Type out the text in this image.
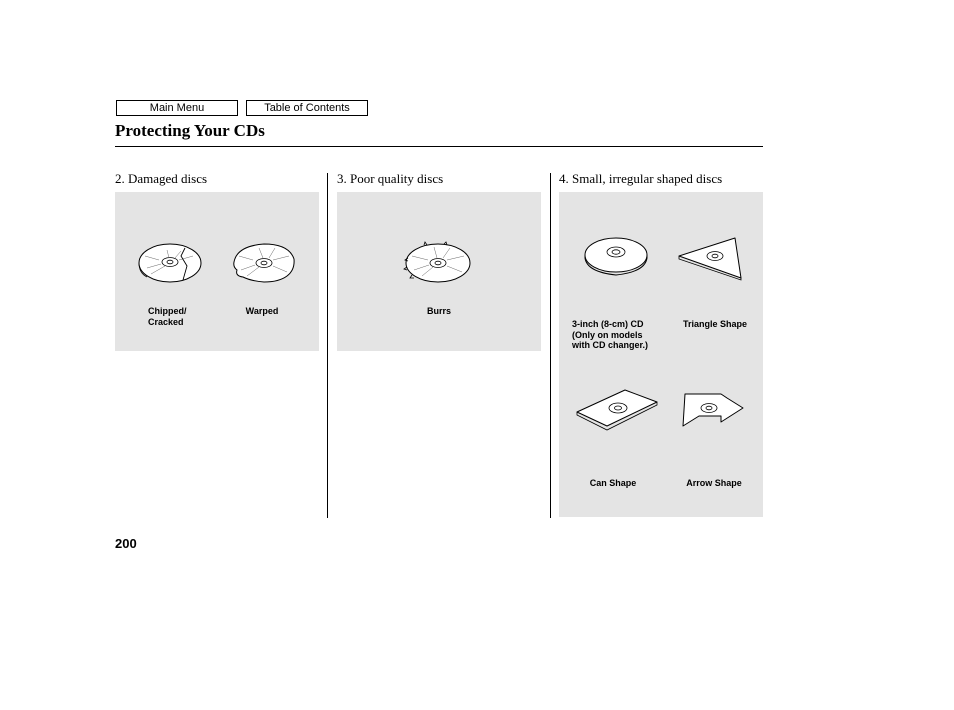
Main Menu	Table of Contents
Protecting Your CDs
2. Damaged discs
Chipped/
Cracked
Warped
3. Poor quality discs
Burrs
4. Small, irregular shaped discs
3-inch (8-cm) CD
(Only on models
with CD changer.)
Triangle Shape
Can Shape	Arrow Shape
200
